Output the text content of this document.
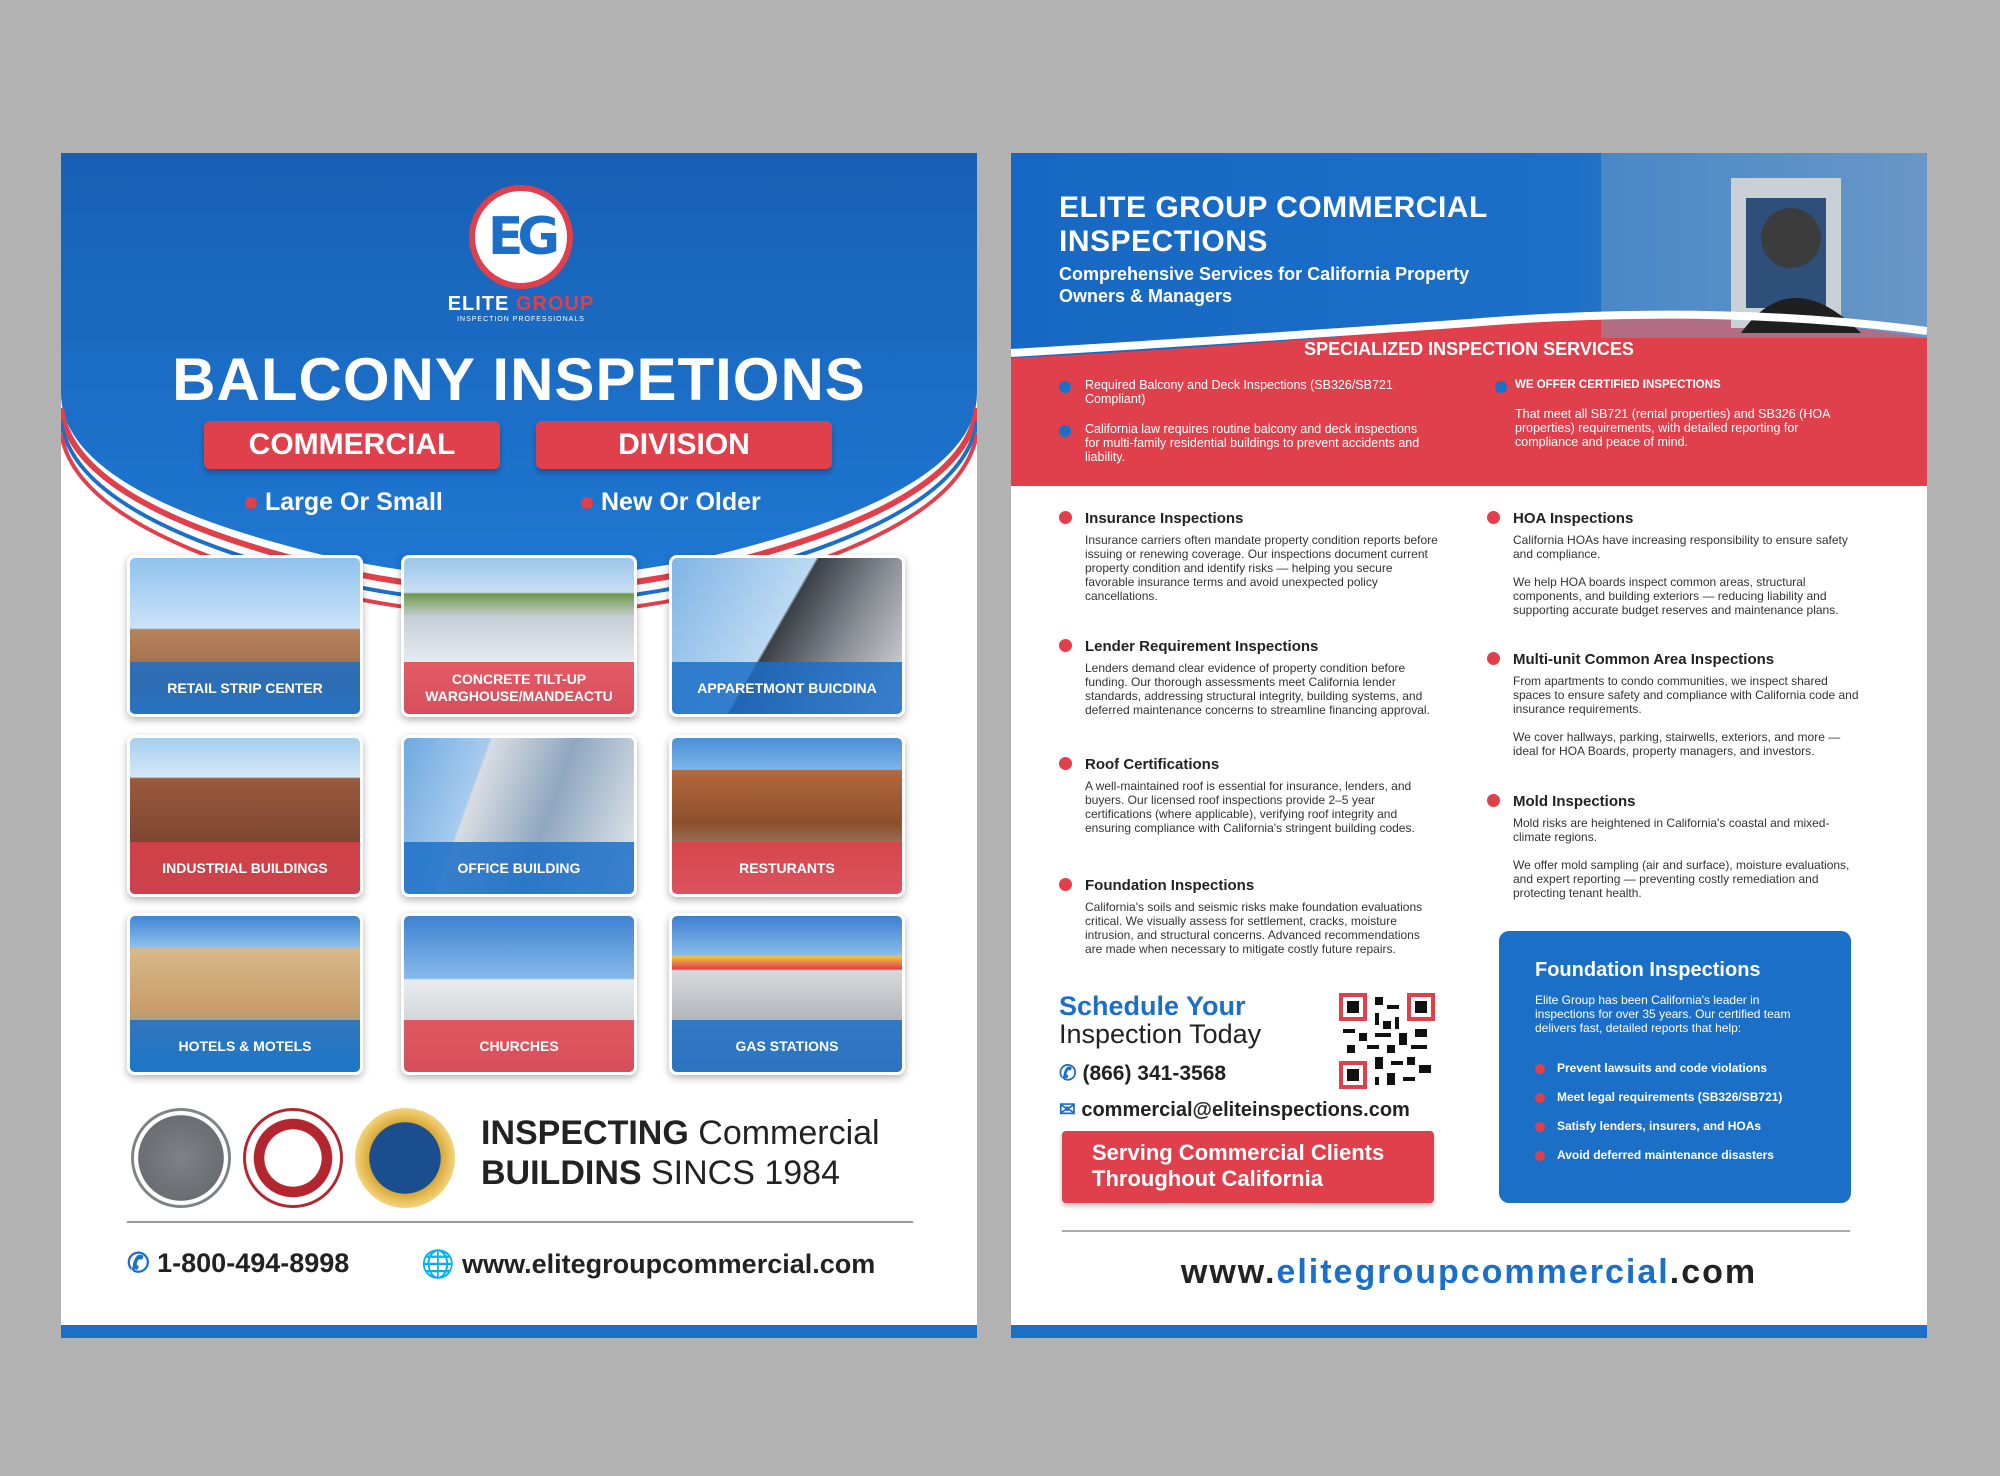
EG
ELITE GROUP
INSPECTION PROFESSIONALS
BALCONY INSPETIONS
COMMERCIAL	DIVISION
Large Or Small	New Or Older
RETAIL STRIP CENTER
CONCRETE TILT-UP WARGHOUSE/MANDEACTU
APPARETMONT BUICDINA
INDUSTRIAL BUILDINGS	OFFICE BUILDING	RESTURANTS
HOTELS & MOTELS	CHURCHES	GAS STATIONS
INSPECTING Commercial
BUILDINS SINCS 1984
✆ 1-800-494-8998	🌐 www.elitegroupcommercial.com
ELITE GROUP COMMERCIAL
INSPECTIONS
Comprehensive Services for California Property
Owners & Managers
SPECIALIZED INSPECTION SERVICES
Required Balcony and Deck Inspections (SB326/SB721 Compliant)
California law requires routine balcony and deck inspections for multi-family residential buildings to prevent accidents and liability.
WE OFFER CERTIFIED INSPECTIONS
That meet all SB721 (rental properties) and SB326 (HOA properties) requirements, with detailed reporting for compliance and peace of mind.
Insurance Inspections
Insurance carriers often mandate property condition reports before issuing or renewing coverage. Our inspections document current property condition and identify risks — helping you secure favorable insurance terms and avoid unexpected policy cancellations.
Lender Requirement Inspections
Lenders demand clear evidence of property condition before funding. Our thorough assessments meet California lender standards, addressing structural integrity, building systems, and deferred maintenance concerns to streamline financing approval.
Roof Certifications
A well-maintained roof is essential for insurance, lenders, and buyers. Our licensed roof inspections provide 2–5 year certifications (where applicable), verifying roof integrity and ensuring compliance with California's stringent building codes.
Foundation Inspections
California's soils and seismic risks make foundation evaluations critical. We visually assess for settlement, cracks, moisture intrusion, and structural concerns. Advanced recommendations are made when necessary to mitigate costly future repairs.
HOA Inspections
California HOAs have increasing responsibility to ensure safety and compliance.
We help HOA boards inspect common areas, structural components, and building exteriors — reducing liability and supporting accurate budget reserves and maintenance plans.
Multi-unit Common Area Inspections
From apartments to condo communities, we inspect shared spaces to ensure safety and compliance with California code and insurance requirements.
We cover hallways, parking, stairwells, exteriors, and more — ideal for HOA Boards, property managers, and investors.
Mold Inspections
Mold risks are heightened in California's coastal and mixed-climate regions.
We offer mold sampling (air and surface), moisture evaluations, and expert reporting — preventing costly remediation and protecting tenant health.
Foundation Inspections
Elite Group has been California's leader in inspections for over 35 years. Our certified team delivers fast, detailed reports that help:
Prevent lawsuits and code violations
Meet legal requirements (SB326/SB721)
Satisfy lenders, insurers, and HOAs
Avoid deferred maintenance disasters
Schedule Your
Inspection Today
✆ (866) 341-3568
✉ commercial@eliteinspections.com
Serving Commercial Clients
Throughout California
www.elitegroupcommercial.com
